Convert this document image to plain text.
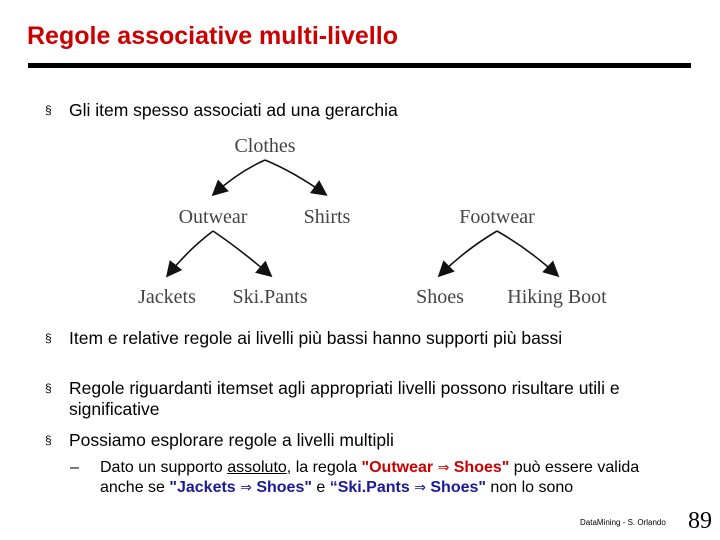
Regole associative multi-livello
§ Gli item spesso associati ad una gerarchia
Clothes
Outwear	Shirts	Footwear
Jackets Ski.Pants	Shoes Hiking Boot
§ Item e relative regole ai livelli più bassi hanno supporti più bassi
§ Regole riguardanti itemset agli appropriati livelli possono risultare utili e significative
§ Possiamo esplorare regole a livelli multipli
– Dato un supporto assoluto, la regola "Outwear ⇒ Shoes" può essere valida anche se "Jackets ⇒ Shoes" e “Ski.Pants ⇒ Shoes" non lo sono
DataMining - S. Orlando 89
